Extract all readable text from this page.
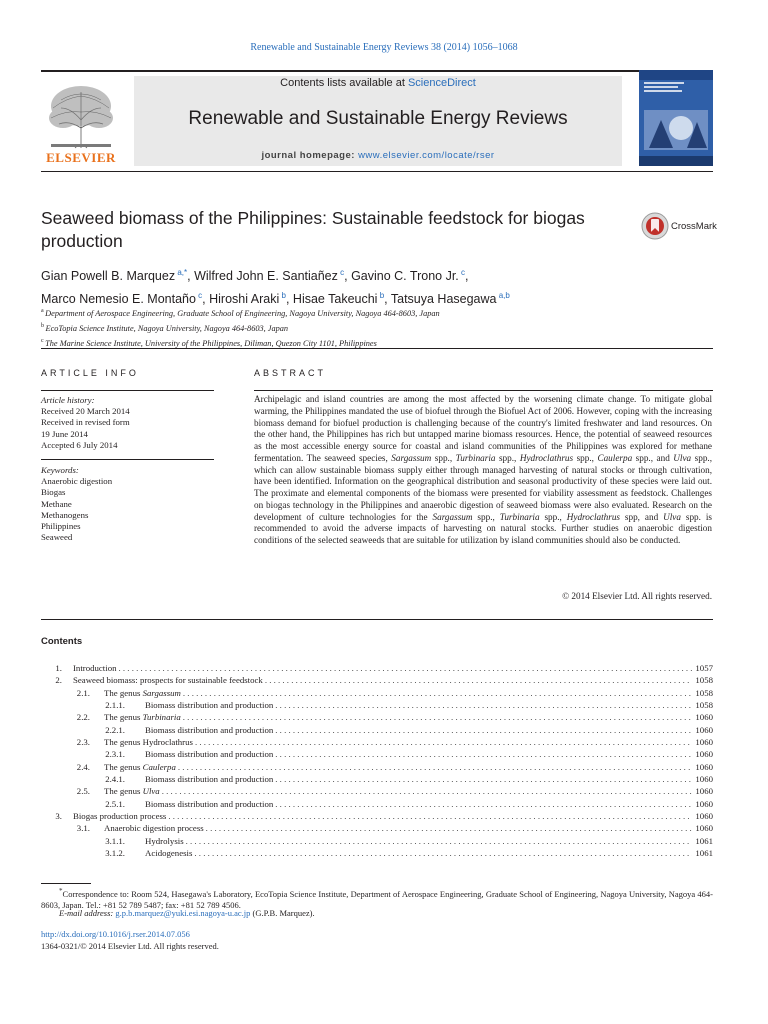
Renewable and Sustainable Energy Reviews 38 (2014) 1056–1068
ELSEVIER
Contents lists available at ScienceDirect
Renewable and Sustainable Energy Reviews
journal homepage: www.elsevier.com/locate/rser
Seaweed biomass of the Philippines: Sustainable feedstock for biogas production
CrossMark
Gian Powell B. Marquez $^{a,*}$, Wilfred John E. Santiañez $^c$, Gavino C. Trono Jr. $^c$,
Marco Nemesio E. Montaño $^c$, Hiroshi Araki $^b$, Hisae Takeuchi $^b$, Tatsuya Hasegawa $^{a,b}$
$^a$ Department of Aerospace Engineering, Graduate School of Engineering, Nagoya University, Nagoya 464-8603, Japan
$^b$ EcoTopia Science Institute, Nagoya University, Nagoya 464-8603, Japan
$^c$ The Marine Science Institute, University of the Philippines, Diliman, Quezon City 1101, Philippines
ARTICLE INFO	ABSTRACT
Article history:
Received 20 March 2014
Received in revised form
19 June 2014
Accepted 6 July 2014
Keywords:
Anaerobic digestion
Biogas
Methane
Methanogens
Philippines
Seaweed
Archipelagic and island countries are among the most affected by the worsening climate change. To mitigate global warming, the Philippines mandated the use of biofuel through the Biofuel Act of 2006. However, coping with the increasing biomass demand for biofuel production is challenging because of the country's limited freshwater and land resources. On the other hand, the Philippines has rich but untapped marine biomass resources. Hence, the potential of seaweed resources as the most accessible energy source for coastal and island communities of the Philippines was explored for methane fermentation. The seaweed species, Sargassum spp., Turbinaria spp., Hydroclathrus spp., Caulerpa spp., and Ulva spp., which can allow sustainable biomass supply either through managed harvesting of natural stocks or through cultivation, have been identified. Information on the geographical distribution and seasonal productivity of these species were laid out. The proximate and elemental components of the biomass were presented for viability assessment as feedstock. Challenges on biogas technology in the Philippines and anaerobic digestion of seaweed biomass were also evaluated. Research on the development of culture technologies for the Sargassum spp., Turbinaria spp., Hydroclathrus spp, and Ulva spp. is recommended to avoid the adverse impacts of harvesting on natural stocks. Further studies on anaerobic digestion conditions of the selected seaweeds that are suitable for utilization by island communities should also be conducted.
© 2014 Elsevier Ltd. All rights reserved.
Contents
1. Introduction . . .	1057
2. Seaweed biomass: prospects for sustainable feedstock . . .	1058
2.1. The genus Sargassum . . .	1058
2.1.1. Biomass distribution and production . . .	1058
2.2. The genus Turbinaria . . .	1060
2.2.1. Biomass distribution and production . . .	1060
2.3. The genus Hydroclathrus . . .	1060
2.3.1. Biomass distribution and production . . .	1060
2.4. The genus Caulerpa . . .	1060
2.4.1. Biomass distribution and production . . .	1060
2.5. The genus Ulva . . .	1060
2.5.1. Biomass distribution and production . . .	1060
3. Biogas production process . . .	1060
3.1. Anaerobic digestion process . . .	1060
3.1.1. Hydrolysis . . .	1061
3.1.2. Acidogenesis . . .	1061
*Correspondence to: Room 524, Hasegawa's Laboratory, EcoTopia Science Institute, Department of Aerospace Engineering, Graduate School of Engineering, Nagoya University, Nagoya 464-8603, Japan. Tel.: +81 52 789 5487; fax: +81 52 789 4506.
E-mail address: g.p.b.marquez@yuki.esi.nagoya-u.ac.jp (G.P.B. Marquez).
http://dx.doi.org/10.1016/j.rser.2014.07.056
1364-0321/© 2014 Elsevier Ltd. All rights reserved.
